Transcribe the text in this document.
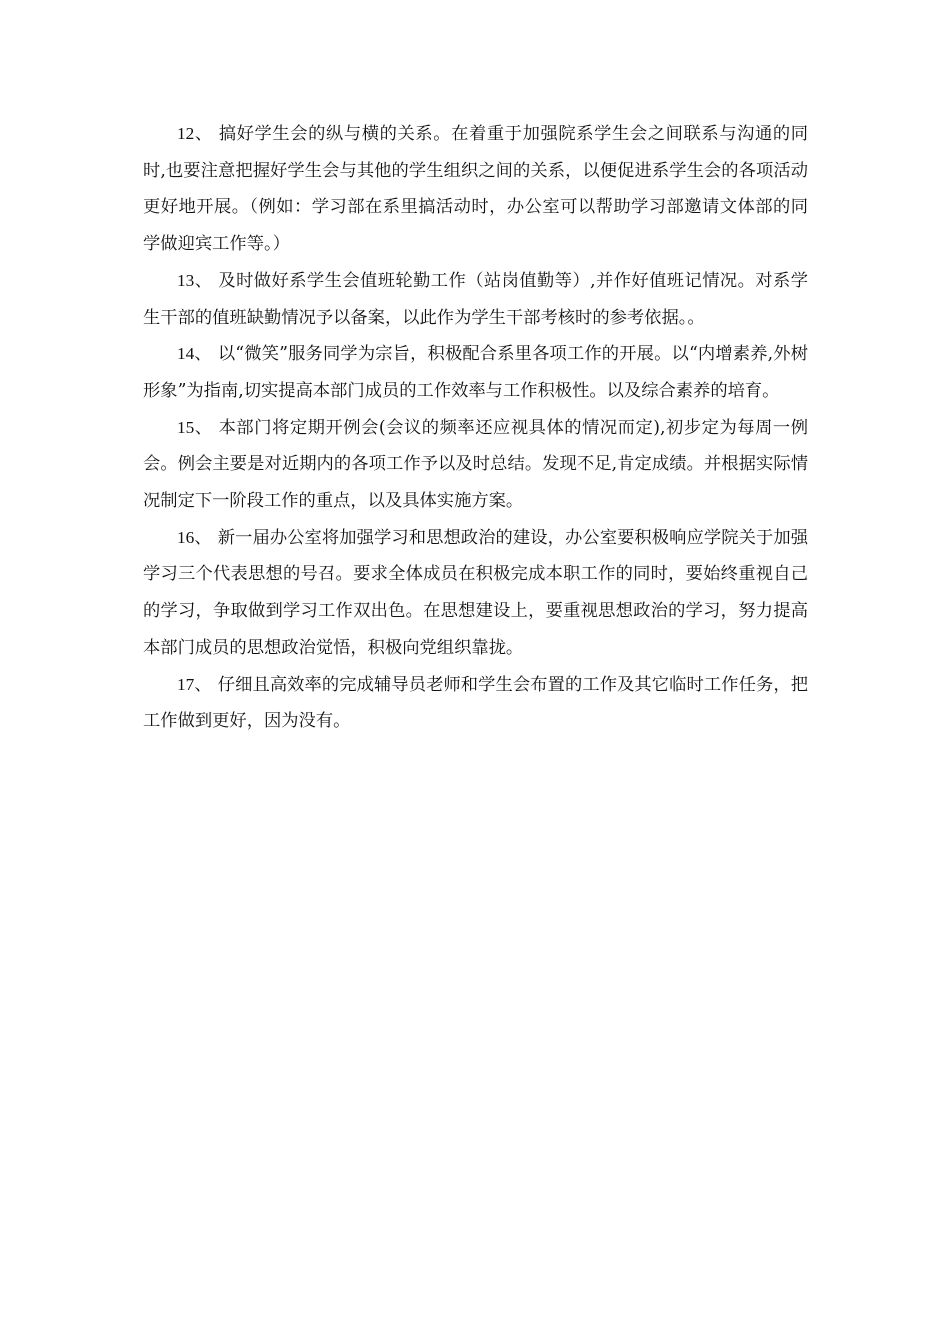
12、 搞好学生会的纵与横的关系。在着重于加强院系学生会之间联系与沟通的同时,也要注意把握好学生会与其他的学生组织之间的关系，以便促进系学生会的各项活动更好地开展。（例如：学习部在系里搞活动时，办公室可以帮助学习部邀请文体部的同学做迎宾工作等。）

13、 及时做好系学生会值班轮勤工作（站岗值勤等）,并作好值班记情况。对系学生干部的值班缺勤情况予以备案，以此作为学生干部考核时的参考依据。。

14、 以“微笑”服务同学为宗旨，积极配合系里各项工作的开展。以“内增素养,外树形象”为指南,切实提高本部门成员的工作效率与工作积极性。以及综合素养的培育。

15、 本部门将定期开例会(会议的频率还应视具体的情况而定),初步定为每周一例会。例会主要是对近期内的各项工作予以及时总结。发现不足,肯定成绩。并根据实际情况制定下一阶段工作的重点，以及具体实施方案。

16、 新一届办公室将加强学习和思想政治的建设，办公室要积极响应学院关于加强学习三个代表思想的号召。要求全体成员在积极完成本职工作的同时，要始终重视自己的学习，争取做到学习工作双出色。在思想建设上，要重视思想政治的学习，努力提高本部门成员的思想政治觉悟，积极向党组织靠拢。

17、 仔细且高效率的完成辅导员老师和学生会布置的工作及其它临时工作任务，把工作做到更好，因为没有。
